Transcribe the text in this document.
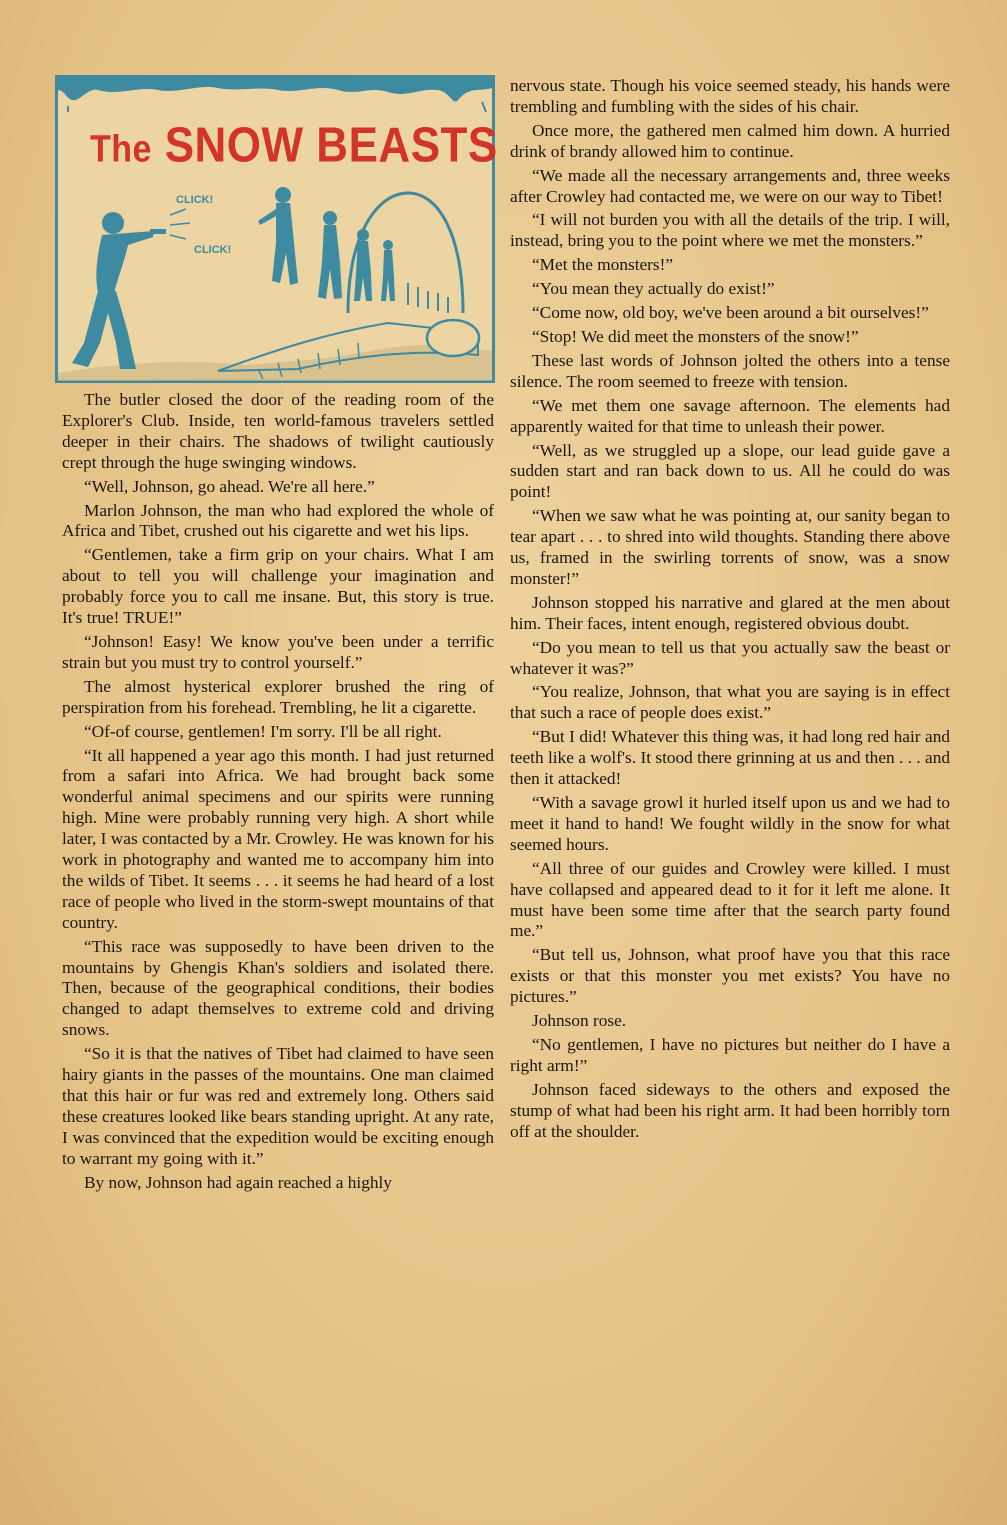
The SNOW BEASTS
CLICK!
CLICK!

The butler closed the door of the reading room of the Explorer's Club. Inside, ten world-famous travelers settled deeper in their chairs. The shadows of twilight cautiously crept through the huge swinging windows.

“Well, Johnson, go ahead. We're all here.”

Marlon Johnson, the man who had explored the whole of Africa and Tibet, crushed out his cigarette and wet his lips.

“Gentlemen, take a firm grip on your chairs. What I am about to tell you will challenge your imagination and probably force you to call me insane. But, this story is true. It's true! TRUE!”

“Johnson! Easy! We know you've been under a terrific strain but you must try to control yourself.”

The almost hysterical explorer brushed the ring of perspiration from his forehead. Trembling, he lit a cigarette.

“Of-of course, gentlemen! I'm sorry. I'll be all right.

“It all happened a year ago this month. I had just returned from a safari into Africa. We had brought back some wonderful animal specimens and our spirits were running high. Mine were probably running very high. A short while later, I was contacted by a Mr. Crowley. He was known for his work in photography and wanted me to accompany him into the wilds of Tibet. It seems . . . it seems he had heard of a lost race of people who lived in the storm-swept mountains of that country.

“This race was supposedly to have been driven to the mountains by Ghengis Khan's soldiers and isolated there. Then, because of the geographical conditions, their bodies changed to adapt themselves to extreme cold and driving snows.

“So it is that the natives of Tibet had claimed to have seen hairy giants in the passes of the mountains. One man claimed that this hair or fur was red and extremely long. Others said these creatures looked like bears standing upright. At any rate, I was convinced that the expedition would be exciting enough to warrant my going with it.”

By now, Johnson had again reached a highly

nervous state. Though his voice seemed steady, his hands were trembling and fumbling with the sides of his chair.

Once more, the gathered men calmed him down. A hurried drink of brandy allowed him to continue.

“We made all the necessary arrangements and, three weeks after Crowley had contacted me, we were on our way to Tibet!

“I will not burden you with all the details of the trip. I will, instead, bring you to the point where we met the monsters.”

“Met the monsters!”

“You mean they actually do exist!”

“Come now, old boy, we've been around a bit ourselves!”

“Stop! We did meet the monsters of the snow!”

These last words of Johnson jolted the others into a tense silence. The room seemed to freeze with tension.

“We met them one savage afternoon. The elements had apparently waited for that time to unleash their power.

“Well, as we struggled up a slope, our lead guide gave a sudden start and ran back down to us. All he could do was point!

“When we saw what he was pointing at, our sanity began to tear apart . . . to shred into wild thoughts. Standing there above us, framed in the swirling torrents of snow, was a snow monster!”

Johnson stopped his narrative and glared at the men about him. Their faces, intent enough, registered obvious doubt.

“Do you mean to tell us that you actually saw the beast or whatever it was?”

“You realize, Johnson, that what you are saying is in effect that such a race of people does exist.”

“But I did! Whatever this thing was, it had long red hair and teeth like a wolf's. It stood there grinning at us and then . . . and then it attacked!

“With a savage growl it hurled itself upon us and we had to meet it hand to hand! We fought wildly in the snow for what seemed hours.

“All three of our guides and Crowley were killed. I must have collapsed and appeared dead to it for it left me alone. It must have been some time after that the search party found me.”

“But tell us, Johnson, what proof have you that this race exists or that this monster you met exists? You have no pictures.”

Johnson rose.

“No gentlemen, I have no pictures but neither do I have a right arm!”

Johnson faced sideways to the others and exposed the stump of what had been his right arm. It had been horribly torn off at the shoulder.
